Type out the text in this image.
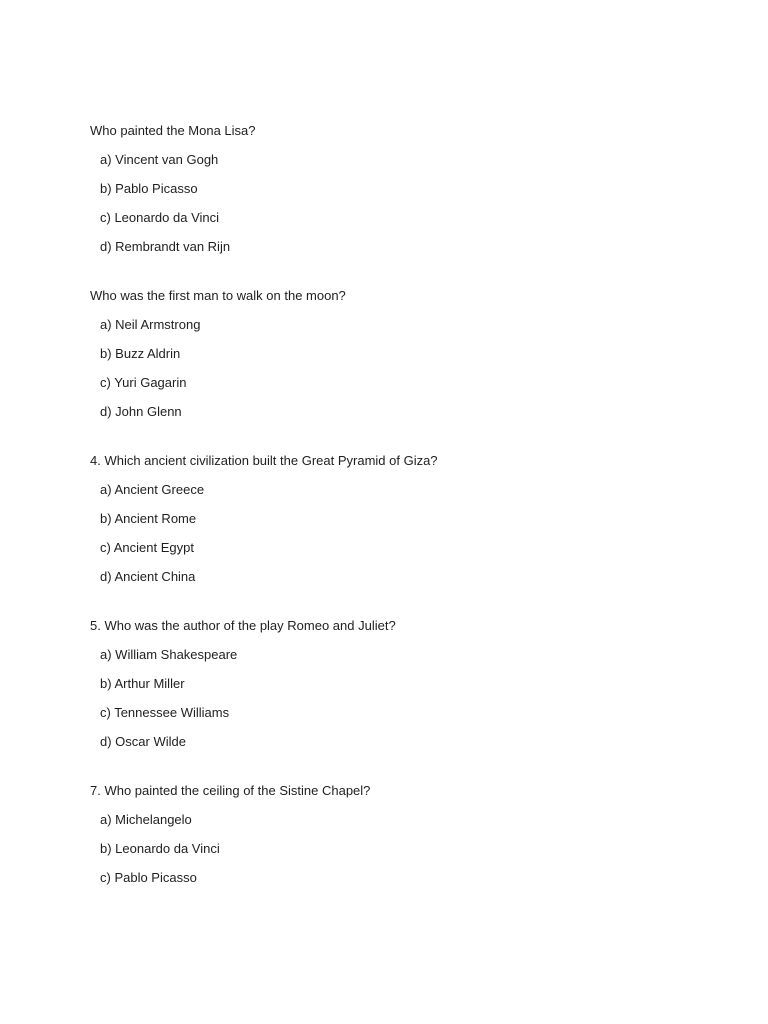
Who painted the Mona Lisa?
a) Vincent van Gogh
b) Pablo Picasso
c) Leonardo da Vinci
d) Rembrandt van Rijn
Who was the first man to walk on the moon?
a) Neil Armstrong
b) Buzz Aldrin
c) Yuri Gagarin
d) John Glenn
4. Which ancient civilization built the Great Pyramid of Giza?
a) Ancient Greece
b) Ancient Rome
c) Ancient Egypt
d) Ancient China
5. Who was the author of the play Romeo and Juliet?
a) William Shakespeare
b) Arthur Miller
c) Tennessee Williams
d) Oscar Wilde
7. Who painted the ceiling of the Sistine Chapel?
a) Michelangelo
b) Leonardo da Vinci
c) Pablo Picasso
